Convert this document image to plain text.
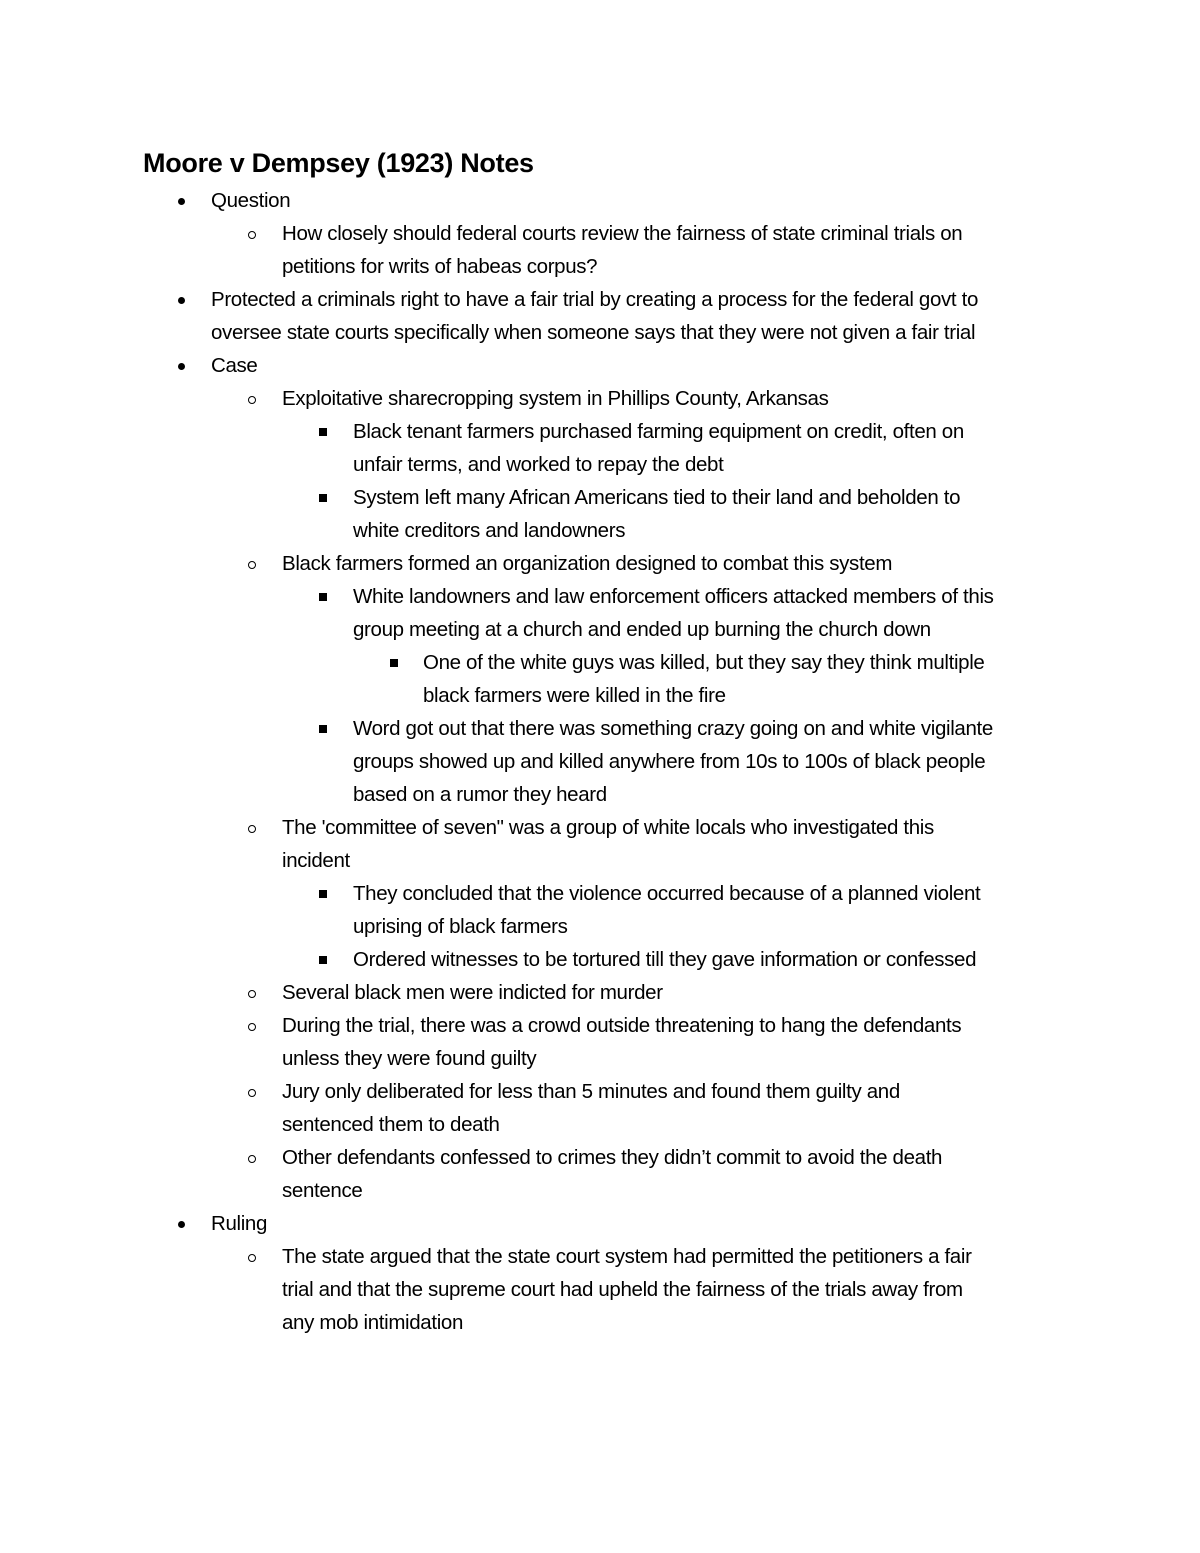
Moore v Dempsey (1923) Notes
Question
How closely should federal courts review the fairness of state criminal trials on
petitions for writs of habeas corpus?
Protected a criminals right to have a fair trial by creating a process for the federal govt to
oversee state courts specifically when someone says that they were not given a fair trial
Case
Exploitative sharecropping system in Phillips County, Arkansas
Black tenant farmers purchased farming equipment on credit, often on
unfair terms, and worked to repay the debt
System left many African Americans tied to their land and beholden to
white creditors and landowners
Black farmers formed an organization designed to combat this system
White landowners and law enforcement officers attacked members of this
group meeting at a church and ended up burning the church down
One of the white guys was killed, but they say they think multiple
black farmers were killed in the fire
Word got out that there was something crazy going on and white vigilante
groups showed up and killed anywhere from 10s to 100s of black people
based on a rumor they heard
The 'committee of seven" was a group of white locals who investigated this
incident
They concluded that the violence occurred because of a planned violent
uprising of black farmers
Ordered witnesses to be tortured till they gave information or confessed
Several black men were indicted for murder
During the trial, there was a crowd outside threatening to hang the defendants
unless they were found guilty
Jury only deliberated for less than 5 minutes and found them guilty and
sentenced them to death
Other defendants confessed to crimes they didn’t commit to avoid the death
sentence
Ruling
The state argued that the state court system had permitted the petitioners a fair
trial and that the supreme court had upheld the fairness of the trials away from
any mob intimidation
